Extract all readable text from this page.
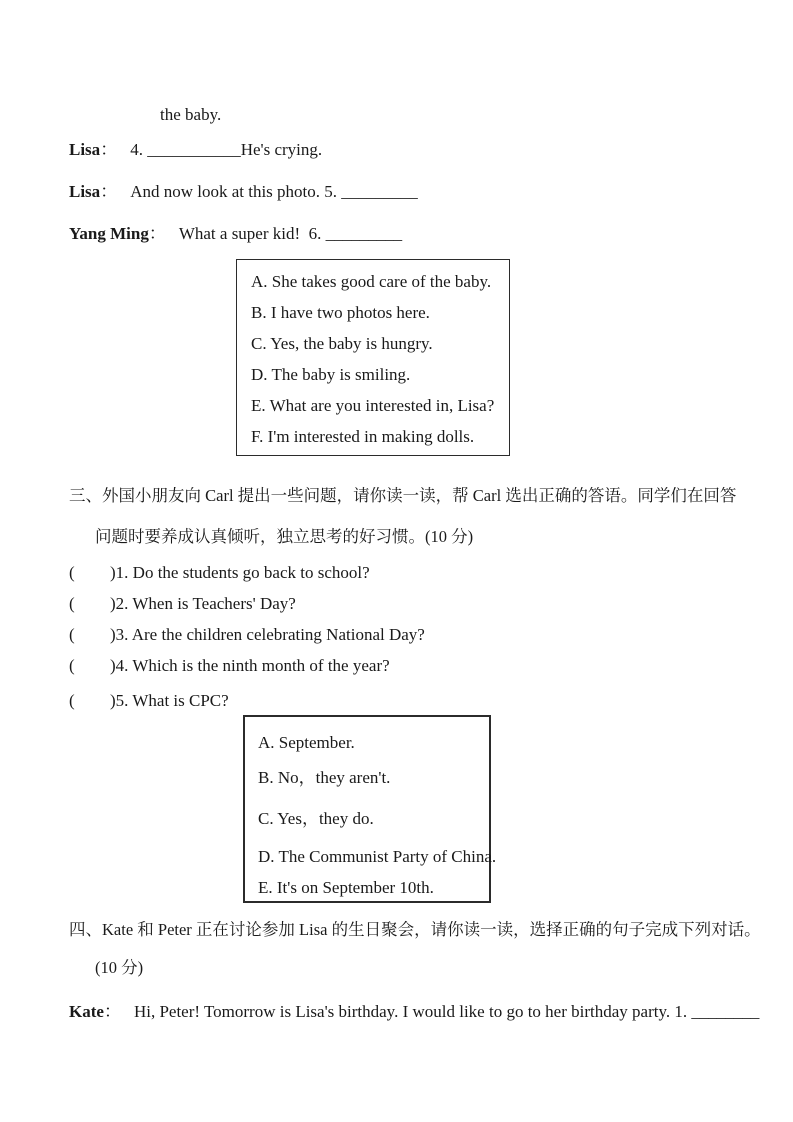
the baby.

Lisa： 4. ___________He's crying.

Lisa： And now look at this photo. 5. _________

Yang Ming： What a super kid!  6. _________

A. She takes good care of the baby.

B. I have two photos here.

C. Yes, the baby is hungry.

D. The baby is smiling.

E. What are you interested in, Lisa?

F. I'm interested in making dolls.

三、外国小朋友向 Carl 提出一些问题，请你读一读，帮 Carl 选出正确的答语。同学们在回答

问题时要养成认真倾听，独立思考的好习惯。(10 分)

( )1. Do the students go back to school?

( )2. When is Teachers' Day?

( )3. Are the children celebrating National Day?

( )4. Which is the ninth month of the year?

( )5. What is CPC?

A. September.

B. No，they aren't.

C. Yes，they do.

D. The Communist Party of China.

E. It's on September 10th.

四、Kate 和 Peter 正在讨论参加 Lisa 的生日聚会，请你读一读，选择正确的句子完成下列对话。

(10 分)

Kate： Hi, Peter! Tomorrow is Lisa's birthday. I would like to go to her birthday party. 1. ________
